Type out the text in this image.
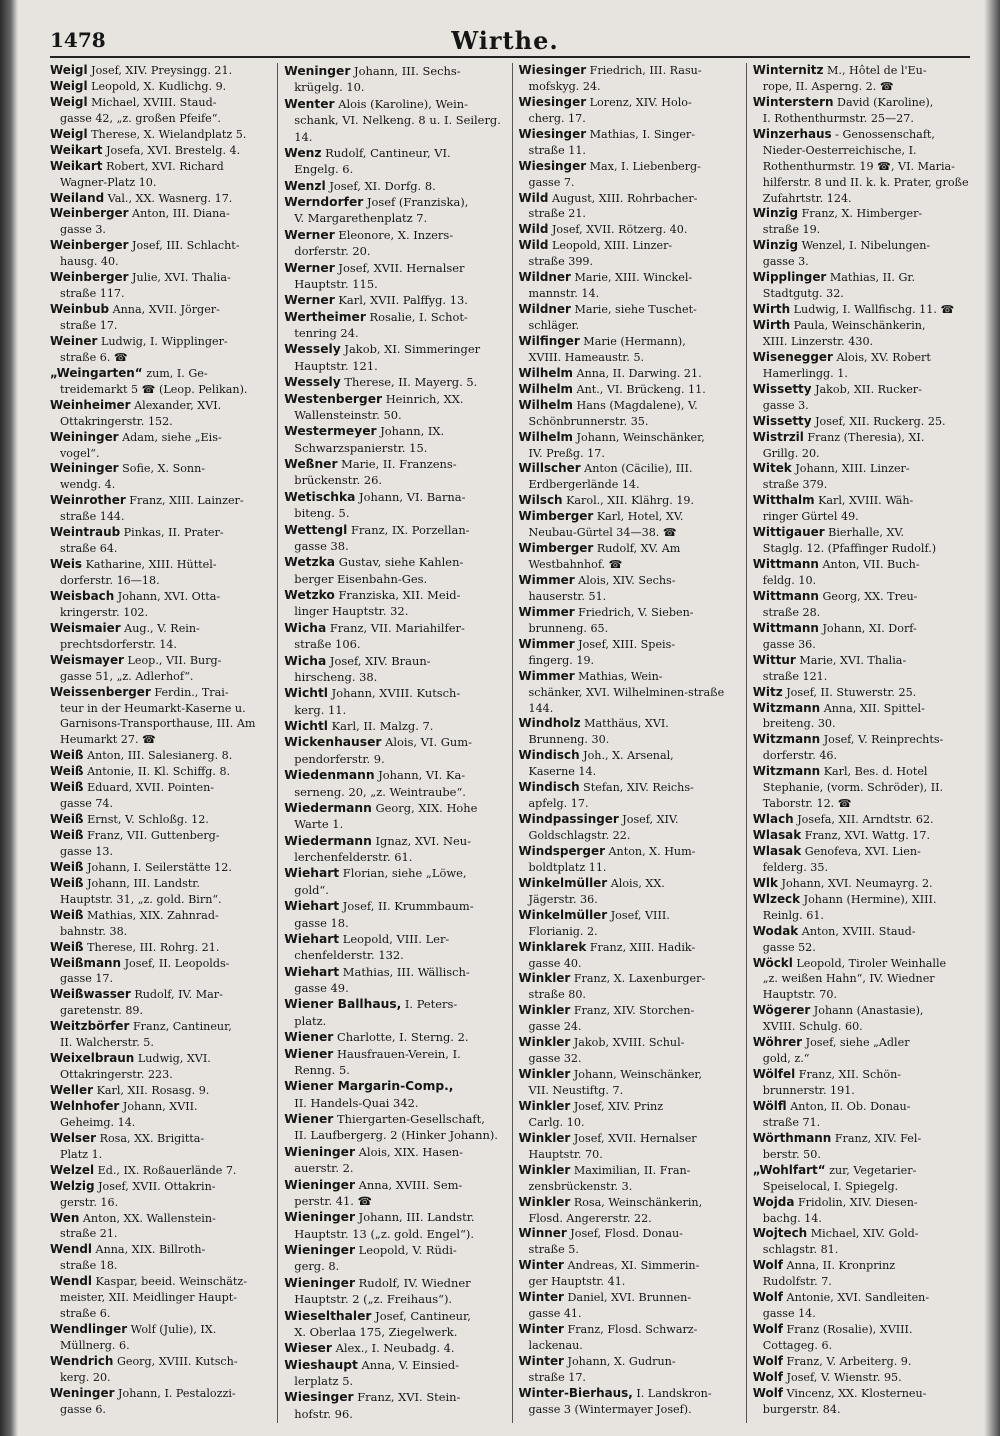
1478	Wirthe.
Weigl Josef, XIV. Preysingg. 21.
Weigl Leopold, X. Kudlichg. 9.
Weigl Michael, XVIII. Staud-
gasse 42, „z. großen Pfeife“.
Weigl Therese, X. Wielandplatz 5.
Weikart Josefa, XVI. Brestelg. 4.
Weikart Robert, XVI. Richard
Wagner-Platz 10.
Weiland Val., XX. Wasnerg. 17.
Weinberger Anton, III. Diana-
gasse 3.
Weinberger Josef, III. Schlacht-
hausg. 40.
Weinberger Julie, XVI. Thalia-
straße 117.
Weinbub Anna, XVII. Jörger-
straße 17.
Weiner Ludwig, I. Wipplinger-
straße 6. ☎
„Weingarten“ zum, I. Ge-
treidemarkt 5 ☎ (Leop. Pelikan).
Weinheimer Alexander, XVI.
Ottakringerstr. 152.
Weininger Adam, siehe „Eis-
vogel“.
Weininger Sofie, X. Sonn-
wendg. 4.
Weinrother Franz, XIII. Lainzer-
straße 144.
Weintraub Pinkas, II. Prater-
straße 64.
Weis Katharine, XIII. Hüttel-
dorferstr. 16—18.
Weisbach Johann, XVI. Otta-
kringerstr. 102.
Weismaier Aug., V. Rein-
prechtsdorferstr. 14.
Weismayer Leop., VII. Burg-
gasse 51, „z. Adlerhof“.
Weissenberger Ferdin., Trai-
teur in der Heumarkt-Kaserne u. Garnisons-Transporthause, III. Am Heumarkt 27. ☎
Weiß Anton, III. Salesianerg. 8.
Weiß Antonie, II. Kl. Schiffg. 8.
Weiß Eduard, XVII. Pointen-
gasse 74.
Weiß Ernst, V. Schloßg. 12.
Weiß Franz, VII. Guttenberg-
gasse 13.
Weiß Johann, I. Seilerstätte 12.
Weiß Johann, III. Landstr.
Hauptstr. 31, „z. gold. Birn“.
Weiß Mathias, XIX. Zahnrad-
bahnstr. 38.
Weiß Therese, III. Rohrg. 21.
Weißmann Josef, II. Leopolds-
gasse 17.
Weißwasser Rudolf, IV. Mar-
garetenstr. 89.
Weitzbörfer Franz, Cantineur,
II. Walcherstr. 5.
Weixelbraun Ludwig, XVI.
Ottakringerstr. 223.
Weller Karl, XII. Rosasg. 9.
Welnhofer Johann, XVII.
Geheimg. 14.
Welser Rosa, XX. Brigitta-
Platz 1.
Welzel Ed., IX. Roßauerlände 7.
Welzig Josef, XVII. Ottakrin-
gerstr. 16.
Wen Anton, XX. Wallenstein-
straße 21.
Wendl Anna, XIX. Billroth-
straße 18.
Wendl Kaspar, beeid. Weinschätz-
meister, XII. Meidlinger Haupt-straße 6.
Wendlinger Wolf (Julie), IX.
Müllnerg. 6.
Wendrich Georg, XVIII. Kutsch-
kerg. 20.
Weninger Johann, I. Pestalozzi-
gasse 6.
Weninger Johann, III. Sechs-
krügelg. 10.
Wenter Alois (Karoline), Wein-
schank, VI. Nelkeng. 8 u. I. Seilerg. 14.
Wenz Rudolf, Cantineur, VI.
Engelg. 6.
Wenzl Josef, XI. Dorfg. 8.
Werndorfer Josef (Franziska),
V. Margarethenplatz 7.
Werner Eleonore, X. Inzers-
dorferstr. 20.
Werner Josef, XVII. Hernalser
Hauptstr. 115.
Werner Karl, XVII. Palffyg. 13.
Wertheimer Rosalie, I. Schot-
tenring 24.
Wessely Jakob, XI. Simmeringer
Hauptstr. 121.
Wessely Therese, II. Mayerg. 5.
Westenberger Heinrich, XX.
Wallensteinstr. 50.
Westermeyer Johann, IX.
Schwarzspanierstr. 15.
Weßner Marie, II. Franzens-
brückenstr. 26.
Wetischka Johann, VI. Barna-
biteng. 5.
Wettengl Franz, IX. Porzellan-
gasse 38.
Wetzka Gustav, siehe Kahlen-
berger Eisenbahn-Ges.
Wetzko Franziska, XII. Meid-
linger Hauptstr. 32.
Wicha Franz, VII. Mariahilfer-
straße 106.
Wicha Josef, XIV. Braun-
hirscheng. 38.
Wichtl Johann, XVIII. Kutsch-
kerg. 11.
Wichtl Karl, II. Malzg. 7.
Wickenhauser Alois, VI. Gum-
pendorferstr. 9.
Wiedenmann Johann, VI. Ka-
serneng. 20, „z. Weintraube“.
Wiedermann Georg, XIX. Hohe
Warte 1.
Wiedermann Ignaz, XVI. Neu-
lerchenfelderstr. 61.
Wiehart Florian, siehe „Löwe,
gold“.
Wiehart Josef, II. Krummbaum-
gasse 18.
Wiehart Leopold, VIII. Ler-
chenfelderstr. 132.
Wiehart Mathias, III. Wällisch-
gasse 49.
Wiener Ballhaus, I. Peters-
platz.
Wiener Charlotte, I. Sterng. 2.
Wiener Hausfrauen-Verein, I.
Renng. 5.
Wiener Margarin-Comp.,
II. Handels-Quai 342.
Wiener Thiergarten-Gesellschaft,
II. Laufbergerg. 2 (Hinker Johann).
Wieninger Alois, XIX. Hasen-
auerstr. 2.
Wieninger Anna, XVIII. Sem-
perstr. 41. ☎
Wieninger Johann, III. Landstr.
Hauptstr. 13 („z. gold. Engel“).
Wieninger Leopold, V. Rüdi-
gerg. 8.
Wieninger Rudolf, IV. Wiedner
Hauptstr. 2 („z. Freihaus“).
Wieselthaler Josef, Cantineur,
X. Oberlaa 175, Ziegelwerk.
Wieser Alex., I. Neubadg. 4.
Wieshaupt Anna, V. Einsied-
lerplatz 5.
Wiesinger Franz, XVI. Stein-
hofstr. 96.
Wiesinger Friedrich, III. Rasu-
mofskyg. 24.
Wiesinger Lorenz, XIV. Holo-
cherg. 17.
Wiesinger Mathias, I. Singer-
straße 11.
Wiesinger Max, I. Liebenberg-
gasse 7.
Wild August, XIII. Rohrbacher-
straße 21.
Wild Josef, XVII. Rötzerg. 40.
Wild Leopold, XIII. Linzer-
straße 399.
Wildner Marie, XIII. Winckel-
mannstr. 14.
Wildner Marie, siehe Tuschet-
schläger.
Wilfinger Marie (Hermann),
XVIII. Hameaustr. 5.
Wilhelm Anna, II. Darwing. 21.
Wilhelm Ant., VI. Brückeng. 11.
Wilhelm Hans (Magdalene), V.
Schönbrunnerstr. 35.
Wilhelm Johann, Weinschänker,
IV. Preßg. 17.
Willscher Anton (Cäcilie), III.
Erdbergerlände 14.
Wilsch Karol., XII. Klährg. 19.
Wimberger Karl, Hotel, XV.
Neubau-Gürtel 34—38. ☎
Wimberger Rudolf, XV. Am
Westbahnhof. ☎
Wimmer Alois, XIV. Sechs-
hauserstr. 51.
Wimmer Friedrich, V. Sieben-
brunneng. 65.
Wimmer Josef, XIII. Speis-
fingerg. 19.
Wimmer Mathias, Wein-
schänker, XVI. Wilhelminen-straße 144.
Windholz Matthäus, XVI.
Brunneng. 30.
Windisch Joh., X. Arsenal,
Kaserne 14.
Windisch Stefan, XIV. Reichs-
apfelg. 17.
Windpassinger Josef, XIV.
Goldschlagstr. 22.
Windsperger Anton, X. Hum-
boldtplatz 11.
Winkelmüller Alois, XX.
Jägerstr. 36.
Winkelmüller Josef, VIII.
Florianig. 2.
Winklarek Franz, XIII. Hadik-
gasse 40.
Winkler Franz, X. Laxenburger-
straße 80.
Winkler Franz, XIV. Storchen-
gasse 24.
Winkler Jakob, XVIII. Schul-
gasse 32.
Winkler Johann, Weinschänker,
VII. Neustiftg. 7.
Winkler Josef, XIV. Prinz
Carlg. 10.
Winkler Josef, XVII. Hernalser
Hauptstr. 70.
Winkler Maximilian, II. Fran-
zensbrückenstr. 3.
Winkler Rosa, Weinschänkerin,
Flosd. Angererstr. 22.
Winner Josef, Flosd. Donau-
straße 5.
Winter Andreas, XI. Simmerin-
ger Hauptstr. 41.
Winter Daniel, XVI. Brunnen-
gasse 41.
Winter Franz, Flosd. Schwarz-
lackenau.
Winter Johann, X. Gudrun-
straße 17.
Winter-Bierhaus, I. Landskron-
gasse 3 (Wintermayer Josef).
Winternitz M., Hôtel de l'Eu-
rope, II. Asperng. 2. ☎
Winterstern David (Karoline),
I. Rothenthurmstr. 25—27.
Winzerhaus - Genossenschaft,
Nieder-Oesterreichische, I. Rothenthurmstr. 19 ☎, VI. Maria-hilferstr. 8 und II. k. k. Prater, große Zufahrtstr. 124.
Winzig Franz, X. Himberger-
straße 19.
Winzig Wenzel, I. Nibelungen-
gasse 3.
Wipplinger Mathias, II. Gr.
Stadtgutg. 32.
Wirth Ludwig, I. Wallfischg. 11. ☎
Wirth Paula, Weinschänkerin,
XIII. Linzerstr. 430.
Wisenegger Alois, XV. Robert
Hamerlingg. 1.
Wissetty Jakob, XII. Rucker-
gasse 3.
Wissetty Josef, XII. Ruckerg. 25.
Wistrzil Franz (Theresia), XI.
Grillg. 20.
Witek Johann, XIII. Linzer-
straße 379.
Witthalm Karl, XVIII. Wäh-
ringer Gürtel 49.
Wittigauer Bierhalle, XV.
Staglg. 12. (Pfaffinger Rudolf.)
Wittmann Anton, VII. Buch-
feldg. 10.
Wittmann Georg, XX. Treu-
straße 28.
Wittmann Johann, XI. Dorf-
gasse 36.
Wittur Marie, XVI. Thalia-
straße 121.
Witz Josef, II. Stuwerstr. 25.
Witzmann Anna, XII. Spittel-
breiteng. 30.
Witzmann Josef, V. Reinprechts-
dorferstr. 46.
Witzmann Karl, Bes. d. Hotel
Stephanie, (vorm. Schröder), II. Taborstr. 12. ☎
Wlach Josefa, XII. Arndtstr. 62.
Wlasak Franz, XVI. Wattg. 17.
Wlasak Genofeva, XVI. Lien-
felderg. 35.
Wlk Johann, XVI. Neumayrg. 2.
Wlzeck Johann (Hermine), XIII.
Reinlg. 61.
Wodak Anton, XVIII. Staud-
gasse 52.
Wöckl Leopold, Tiroler Weinhalle
„z. weißen Hahn“, IV. Wiedner Hauptstr. 70.
Wögerer Johann (Anastasie),
XVIII. Schulg. 60.
Wöhrer Josef, siehe „Adler
gold, z.“
Wölfel Franz, XII. Schön-
brunnerstr. 191.
Wölfl Anton, II. Ob. Donau-
straße 71.
Wörthmann Franz, XIV. Fel-
berstr. 50.
„Wohlfart“ zur, Vegetarier-
Speiselocal, I. Spiegelg.
Wojda Fridolin, XIV. Diesen-
bachg. 14.
Wojtech Michael, XIV. Gold-
schlagstr. 81.
Wolf Anna, II. Kronprinz
Rudolfstr. 7.
Wolf Antonie, XVI. Sandleiten-
gasse 14.
Wolf Franz (Rosalie), XVIII.
Cottageg. 6.
Wolf Franz, V. Arbeiterg. 9.
Wolf Josef, V. Wienstr. 95.
Wolf Vincenz, XX. Klosterneu-
burgerstr. 84.
